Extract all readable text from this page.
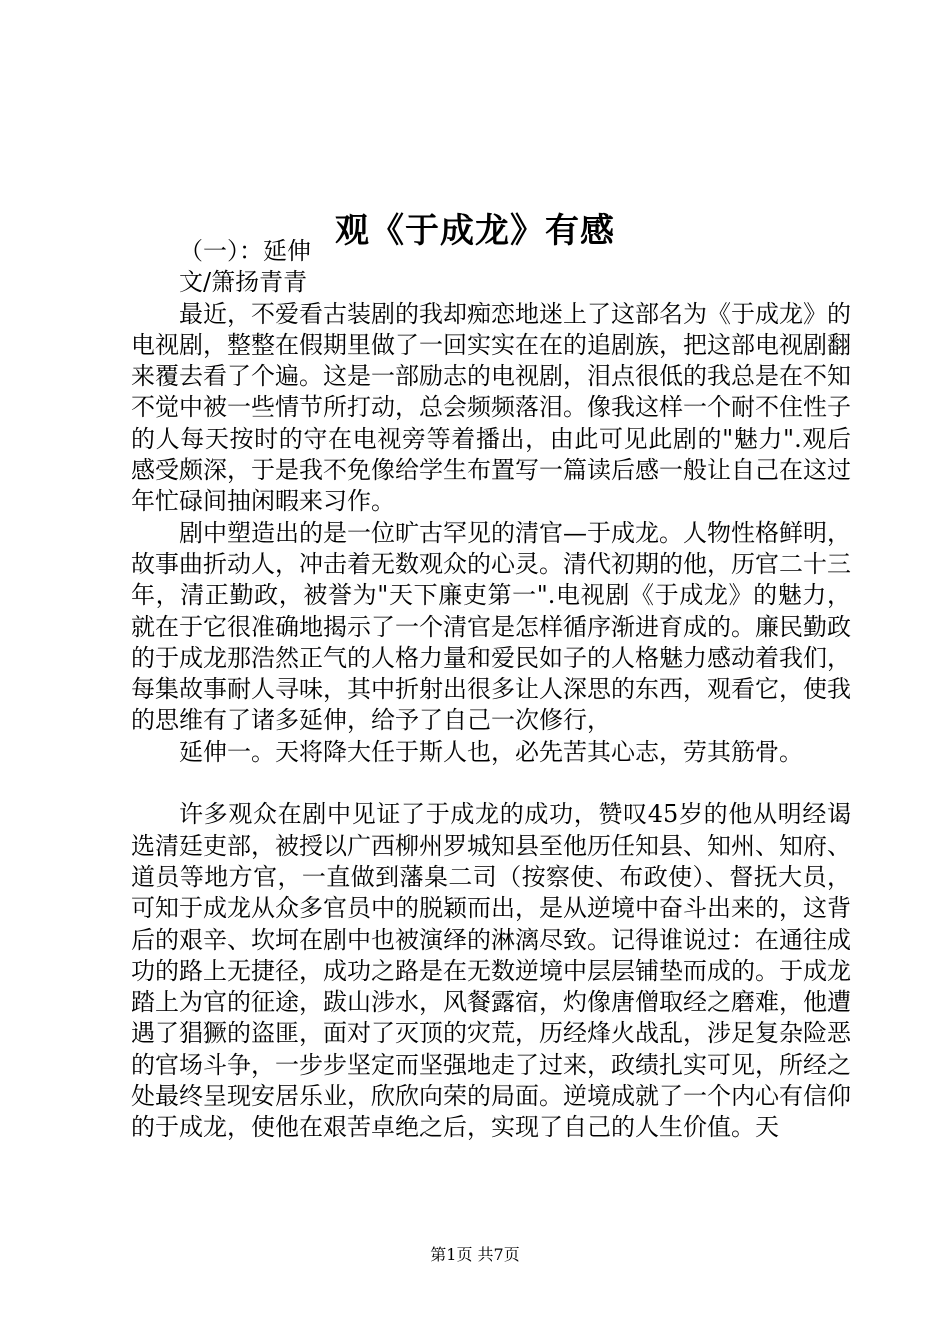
观《于成龙》有感

（一）：延伸

文/箫扬青青

最近，不爱看古装剧的我却痴恋地迷上了这部名为《于成龙》的电视剧，整整在假期里做了一回实实在在的追剧族，把这部电视剧翻来覆去看了个遍。这是一部励志的电视剧，泪点很低的我总是在不知不觉中被一些情节所打动，总会频频落泪。像我这样一个耐不住性子的人每天按时的守在电视旁等着播出，由此可见此剧的"魅力".观后感受颇深，于是我不免像给学生布置写一篇读后感一般让自己在这过年忙碌间抽闲暇来习作。

剧中塑造出的是一位旷古罕见的清官—于成龙。人物性格鲜明，故事曲折动人，冲击着无数观众的心灵。清代初期的他，历官二十三年，清正勤政，被誉为"天下廉吏第一".电视剧《于成龙》的魅力，就在于它很准确地揭示了一个清官是怎样循序渐进育成的。廉民勤政的于成龙那浩然正气的人格力量和爱民如子的人格魅力感动着我们，每集故事耐人寻味，其中折射出很多让人深思的东西，观看它，使我的思维有了诸多延伸，给予了自己一次修行，

延伸一。天将降大任于斯人也，必先苦其心志，劳其筋骨。

许多观众在剧中见证了于成龙的成功，赞叹45岁的他从明经谒选清廷吏部，被授以广西柳州罗城知县至他历任知县、知州、知府、道员等地方官，一直做到藩臬二司（按察使、布政使）、督抚大员，可知于成龙从众多官员中的脱颖而出，是从逆境中奋斗出来的，这背后的艰辛、坎坷在剧中也被演绎的淋漓尽致。记得谁说过：在通往成功的路上无捷径，成功之路是在无数逆境中层层铺垫而成的。于成龙踏上为官的征途，跋山涉水，风餐露宿，灼像唐僧取经之磨难，他遭遇了猖獗的盗匪，面对了灭顶的灾荒，历经烽火战乱，涉足复杂险恶的官场斗争，一步步坚定而坚强地走了过来，政绩扎实可见，所经之处最终呈现安居乐业，欣欣向荣的局面。逆境成就了一个内心有信仰的于成龙，使他在艰苦卓绝之后，实现了自己的人生价值。天

第1页 共7页
